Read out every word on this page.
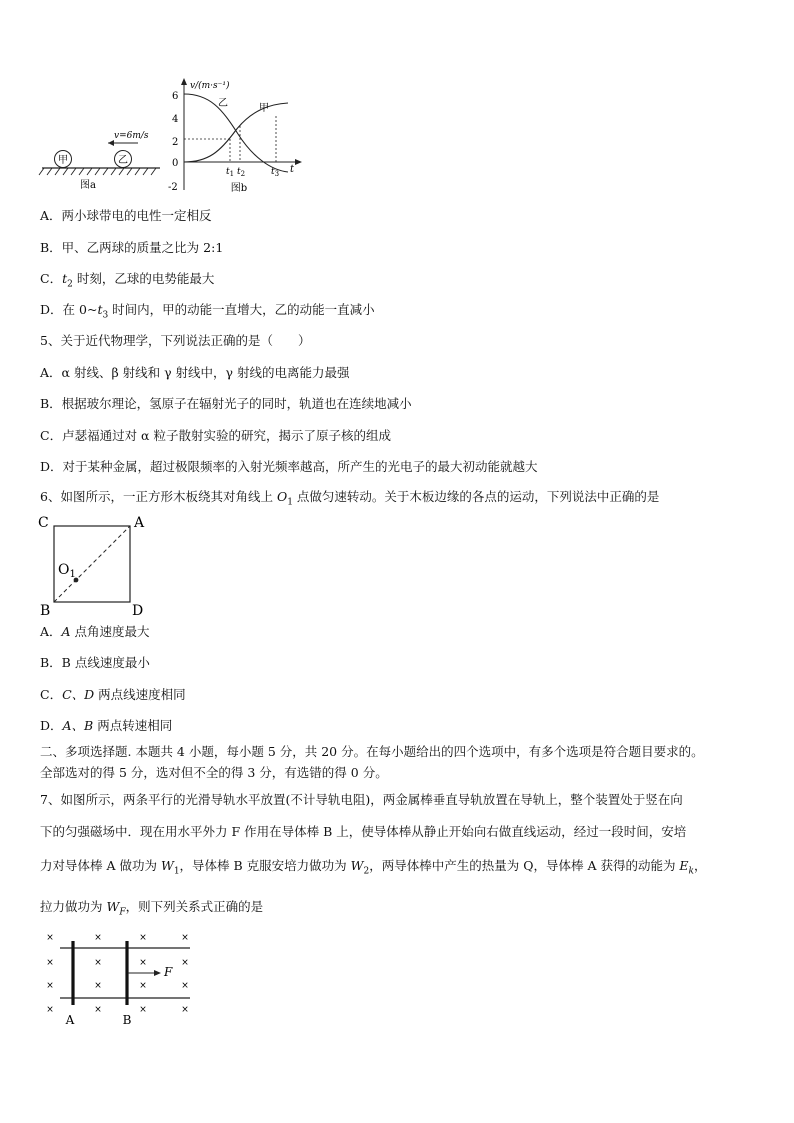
甲	乙
v=6m/s
图a
v/(m·s⁻¹)
t
6
4
2
0
-2
乙	甲
$t_1$ $t_2$	$t_3$
图b
A．两小球带电的电性一定相反
B．甲、乙两球的质量之比为 2:1
C．$t_2$ 时刻，乙球的电势能最大
D．在 $0\sim t_3$ 时间内，甲的动能一直增大，乙的动能一直减小
5、关于近代物理学，下列说法正确的是（　　）
A．α 射线、β 射线和 γ 射线中，γ 射线的电离能力最强
B．根据玻尔理论，氢原子在辐射光子的同时，轨道也在连续地减小
C．卢瑟福通过对 α 粒子散射实验的研究，揭示了原子核的组成
D．对于某种金属，超过极限频率的入射光频率越高，所产生的光电子的最大初动能就越大
6、如图所示，一正方形木板绕其对角线上 $O_1$ 点做匀速转动。关于木板边缘的各点的运动，下列说法中正确的是
C	A
B	D
$O_1$
A．A 点角速度最大
B．B 点线速度最小
C．C、D 两点线速度相同
D．A、B 两点转速相同
二、多项选择题. 本题共 4 小题，每小题 5 分，共 20 分。在每小题给出的四个选项中，有多个选项是符合题目要求的。
全部选对的得 5 分，选对但不全的得 3 分，有选错的得 0 分。
7、如图所示，两条平行的光滑导轨水平放置(不计导轨电阻)，两金属棒垂直导轨放置在导轨上，整个装置处于竖在向
下的匀强磁场中．现在用水平外力 F 作用在导体棒 B 上，使导体棒从静止开始向右做直线运动，经过一段时间，安培
力对导体棒 A 做功为 $W_1$，导体棒 B 克服安培力做功为 $W_2$，两导体棒中产生的热量为 Q，导体棒 A 获得的动能为 $E_k$，
拉力做功为 $W_F$，则下列关系式正确的是
F
×	×	×	×
×	×	×	×
×	×	×	×
×	×	×	×
A	B
